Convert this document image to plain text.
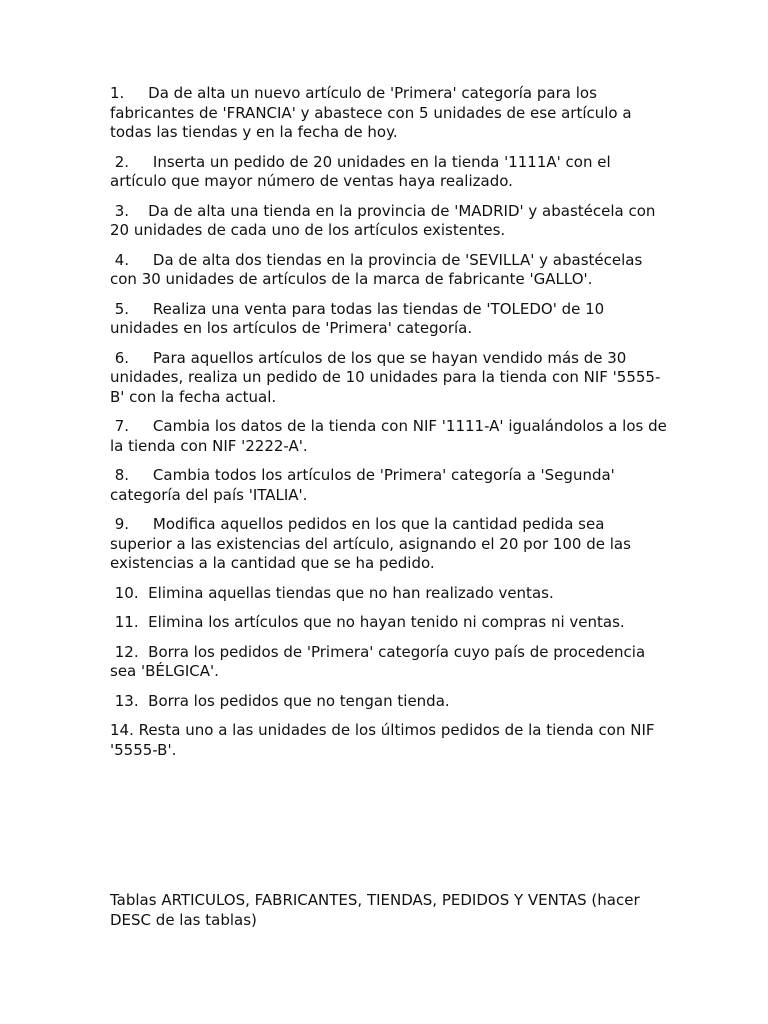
1.     Da de alta un nuevo artículo de 'Primera' categoría para los fabricantes de 'FRANCIA' y abastece con 5 unidades de ese artículo a todas las tiendas y en la fecha de hoy.

2.     Inserta un pedido de 20 unidades en la tienda '1111A' con el artículo que mayor número de ventas haya realizado.

3.    Da de alta una tienda en la provincia de 'MADRID' y abastécela con 20 unidades de cada uno de los artículos existentes.

4.     Da de alta dos tiendas en la provincia de 'SEVILLA' y abastécelas con 30 unidades de artículos de la marca de fabricante 'GALLO'.

5.     Realiza una venta para todas las tiendas de 'TOLEDO' de 10 unidades en los artículos de 'Primera' categoría.

6.     Para aquellos artículos de los que se hayan vendido más de 30 unidades, realiza un pedido de 10 unidades para la tienda con NIF '5555-B' con la fecha actual.

7.     Cambia los datos de la tienda con NIF '1111-A' igualándolos a los de la tienda con NIF '2222-A'.

8.     Cambia todos los artículos de 'Primera' categoría a 'Segunda' categoría del país 'ITALIA'.

9.     Modifica aquellos pedidos en los que la cantidad pedida sea superior a las existencias del artículo, asignando el 20 por 100 de las existencias a la cantidad que se ha pedido.

10.  Elimina aquellas tiendas que no han realizado ventas.

11.  Elimina los artículos que no hayan tenido ni compras ni ventas.

12.  Borra los pedidos de 'Primera' categoría cuyo país de procedencia sea 'BÉLGICA'.

13.  Borra los pedidos que no tengan tienda.

14. Resta uno a las unidades de los últimos pedidos de la tienda con NIF '5555-B'.

Tablas ARTICULOS, FABRICANTES, TIENDAS, PEDIDOS Y VENTAS (hacer DESC de las tablas)
